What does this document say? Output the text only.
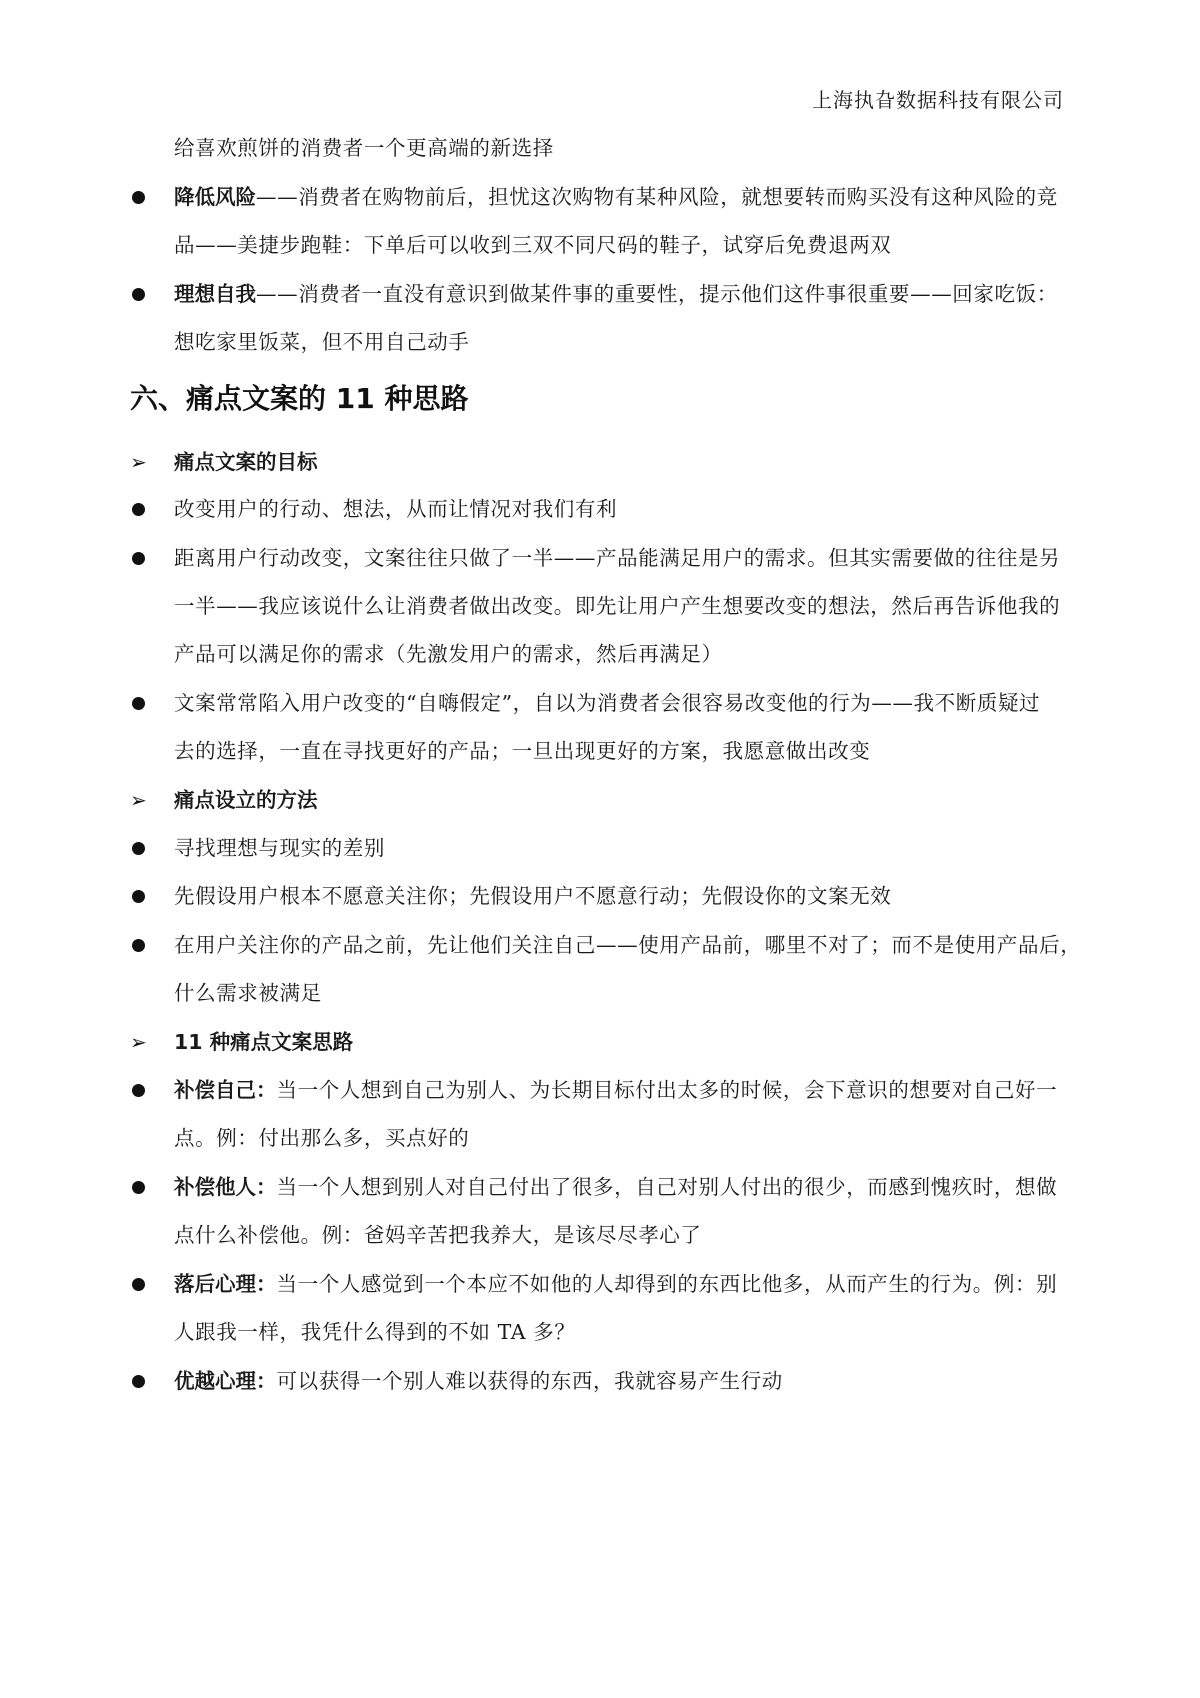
上海执旮数据科技有限公司
给喜欢煎饼的消费者一个更高端的新选择
降低风险——消费者在购物前后，担忧这次购物有某种风险，就想要转而购买没有这种风险的竞
品——美捷步跑鞋：下单后可以收到三双不同尺码的鞋子，试穿后免费退两双
理想自我——消费者一直没有意识到做某件事的重要性，提示他们这件事很重要——回家吃饭：
想吃家里饭菜，但不用自己动手
六、痛点文案的 11 种思路
➢ 痛点文案的目标
改变用户的行动、想法，从而让情况对我们有利
距离用户行动改变，文案往往只做了一半——产品能满足用户的需求。但其实需要做的往往是另
一半——我应该说什么让消费者做出改变。即先让用户产生想要改变的想法，然后再告诉他我的
产品可以满足你的需求（先激发用户的需求，然后再满足）
文案常常陷入用户改变的“自嗨假定”，自以为消费者会很容易改变他的行为——我不断质疑过
去的选择，一直在寻找更好的产品；一旦出现更好的方案，我愿意做出改变
➢ 痛点设立的方法
寻找理想与现实的差别
先假设用户根本不愿意关注你；先假设用户不愿意行动；先假设你的文案无效
在用户关注你的产品之前，先让他们关注自己——使用产品前，哪里不对了；而不是使用产品后，
什么需求被满足
➢ 11 种痛点文案思路
补偿自己：当一个人想到自己为别人、为长期目标付出太多的时候，会下意识的想要对自己好一
点。例：付出那么多，买点好的
补偿他人：当一个人想到别人对自己付出了很多，自己对别人付出的很少，而感到愧疚时，想做
点什么补偿他。例：爸妈辛苦把我养大，是该尽尽孝心了
落后心理：当一个人感觉到一个本应不如他的人却得到的东西比他多，从而产生的行为。例：别
人跟我一样，我凭什么得到的不如 TA 多？
优越心理：可以获得一个别人难以获得的东西，我就容易产生行动
